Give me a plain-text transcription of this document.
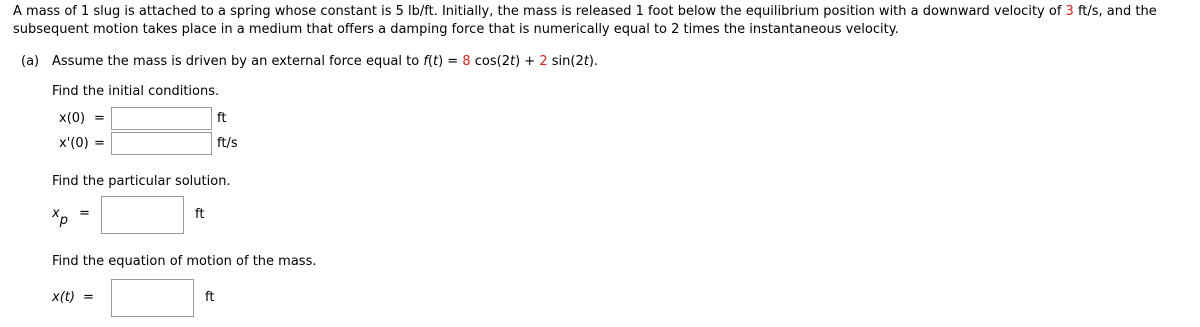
A mass of 1 slug is attached to a spring whose constant is 5 lb/ft. Initially, the mass is released 1 foot below the equilibrium position with a downward velocity of 3 ft/s, and the
subsequent motion takes place in a medium that offers a damping force that is numerically equal to 2 times the instantaneous velocity.
(a) Assume the mass is driven by an external force equal to f(t) = 8 cos(2t) + 2 sin(2t).
Find the initial conditions.
x(0) =	ft
x'(0) =	ft/s
Find the particular solution.
xp =	ft
Find the equation of motion of the mass.
x(t) =	ft
